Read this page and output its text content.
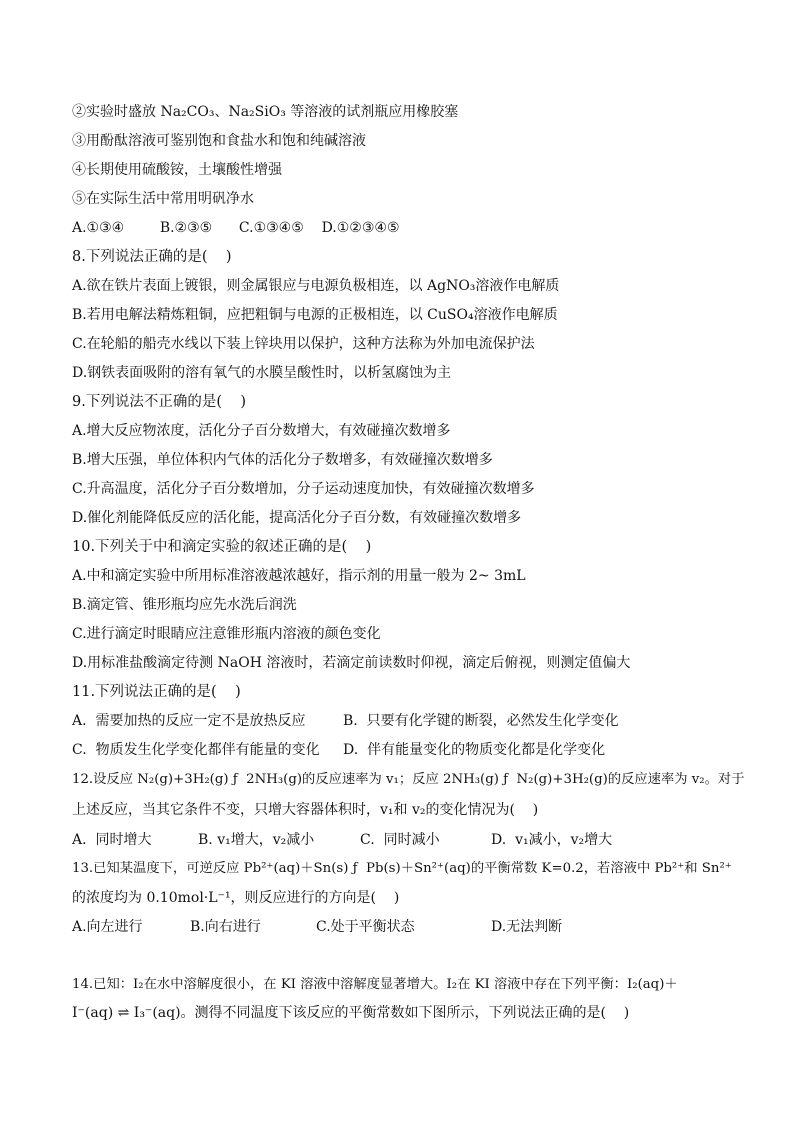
②实验时盛放 Na₂CO₃、Na₂SiO₃ 等溶液的试剂瓶应用橡胶塞
③用酚酞溶液可鉴别饱和食盐水和饱和纯碱溶液
④长期使用硫酸铵，土壤酸性增强
⑤在实际生活中常用明矾净水
A.①③④        B.②③⑤      C.①③④⑤    D.①②③④⑤
8.下列说法正确的是(    )
A.欲在铁片表面上镀银，则金属银应与电源负极相连，以 AgNO₃溶液作电解质
B.若用电解法精炼粗铜，应把粗铜与电源的正极相连，以 CuSO₄溶液作电解质
C.在轮船的船壳水线以下装上锌块用以保护，这种方法称为外加电流保护法
D.钢铁表面吸附的溶有氧气的水膜呈酸性时，以析氢腐蚀为主
9.下列说法不正确的是(    )
A.增大反应物浓度，活化分子百分数增大，有效碰撞次数增多
B.增大压强，单位体积内气体的活化分子数增多，有效碰撞次数增多
C.升高温度，活化分子百分数增加，分子运动速度加快，有效碰撞次数增多
D.催化剂能降低反应的活化能，提高活化分子百分数，有效碰撞次数增多
10.下列关于中和滴定实验的叙述正确的是(    )
A.中和滴定实验中所用标准溶液越浓越好，指示剂的用量一般为 2~ 3mL
B.滴定管、锥形瓶均应先水洗后润洗
C.进行滴定时眼睛应注意锥形瓶内溶液的颜色变化
D.用标准盐酸滴定待测 NaOH 溶液时，若滴定前读数时仰视，滴定后俯视，则测定值偏大
11.下列说法正确的是(    )
A.  需要加热的反应一定不是放热反应	B.  只要有化学键的断裂，必然发生化学变化
C.  物质发生化学变化都伴有能量的变化 D.  伴有能量变化的物质变化都是化学变化
12.设反应 N₂(g)+3H₂(g) ƒ  2NH₃(g)的反应速率为 v₁；反应 2NH₃(g) ƒ  N₂(g)+3H₂(g)的反应速率为 v₂。对于
上述反应，当其它条件不变，只增大容器体积时，v₁和 v₂的变化情况为(    )
A.  同时增大	B. v₁增大，v₂减小	C.  同时减小	D.  v₁减小，v₂增大
13.已知某温度下，可逆反应 Pb²⁺(aq)＋Sn(s) ƒ  Pb(s)＋Sn²⁺(aq)的平衡常数 K=0.2，若溶液中 Pb²⁺和 Sn²⁺
的浓度均为 0.10mol·L⁻¹，则反应进行的方向是(    )
A.向左进行	B.向右进行	C.处于平衡状态	D.无法判断
14.已知：I₂在水中溶解度很小，在 KI 溶液中溶解度显著增大。I₂在 KI 溶液中存在下列平衡：I₂(aq)＋
I⁻(aq) ⇌ I₃⁻(aq)。测得不同温度下该反应的平衡常数如下图所示，下列说法正确的是(    )
